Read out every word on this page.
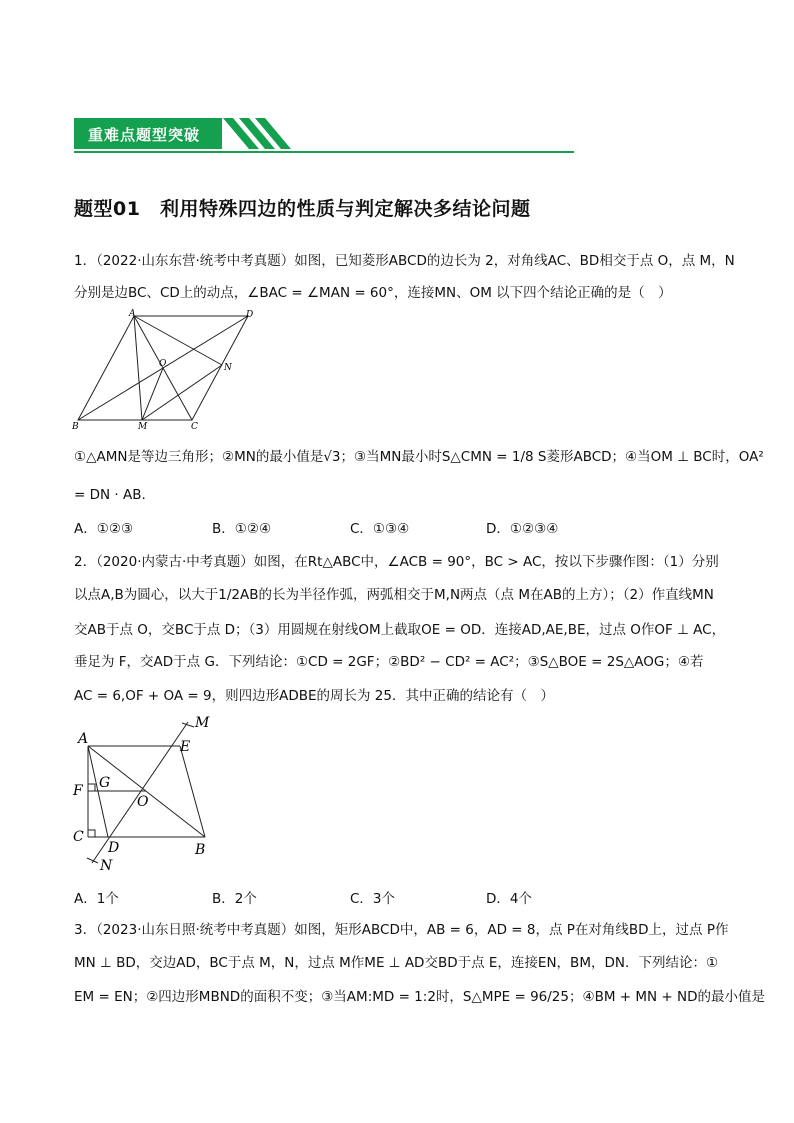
重难点题型突破
题型01　利用特殊四边的性质与判定解决多结论问题
1．（2022·山东东营·统考中考真题）如图，已知菱形ABCD的边长为 2，对角线AC、BD相交于点 O，点 M，N
分别是边BC、CD上的动点，∠BAC = ∠MAN = 60°，连接MN、OM 以下四个结论正确的是（　）
A	D
O	N
B	M	C
①△AMN是等边三角形；②MN的最小值是√3；③当MN最小时S△CMN = 1/8 S菱形ABCD；④当OM ⊥ BC时，OA²
= DN · AB.
A．①②③	B．①②④	C．①③④	D．①②③④
2．（2020·内蒙古·中考真题）如图，在Rt△ABC中，∠ACB = 90°，BC > AC，按以下步骤作图：（1）分别
以点A,B为圆心，以大于1/2AB的长为半径作弧，两弧相交于M,N两点（点 M在AB的上方）；（2）作直线MN
交AB于点 O，交BC于点 D；（3）用圆规在射线OM上截取OE = OD．连接AD,AE,BE，过点 O作OF ⊥ AC，
垂足为 F，交AD于点 G．下列结论：①CD = 2GF；②BD² − CD² = AC²；③S△BOE = 2S△AOG；④若
AC = 6,OF + OA = 9，则四边形ADBE的周长为 25．其中正确的结论有（　）
A
M
E
G
F
O
C
D
N
B
A．1个	B．2个	C．3个	D．4个
3．（2023·山东日照·统考中考真题）如图，矩形ABCD中，AB = 6，AD = 8，点 P在对角线BD上，过点 P作
MN ⊥ BD，交边AD，BC于点 M，N，过点 M作ME ⊥ AD交BD于点 E，连接EN，BM，DN．下列结论：①
EM = EN；②四边形MBND的面积不变；③当AM:MD = 1:2时，S△MPE = 96/25；④BM + MN + ND的最小值是
